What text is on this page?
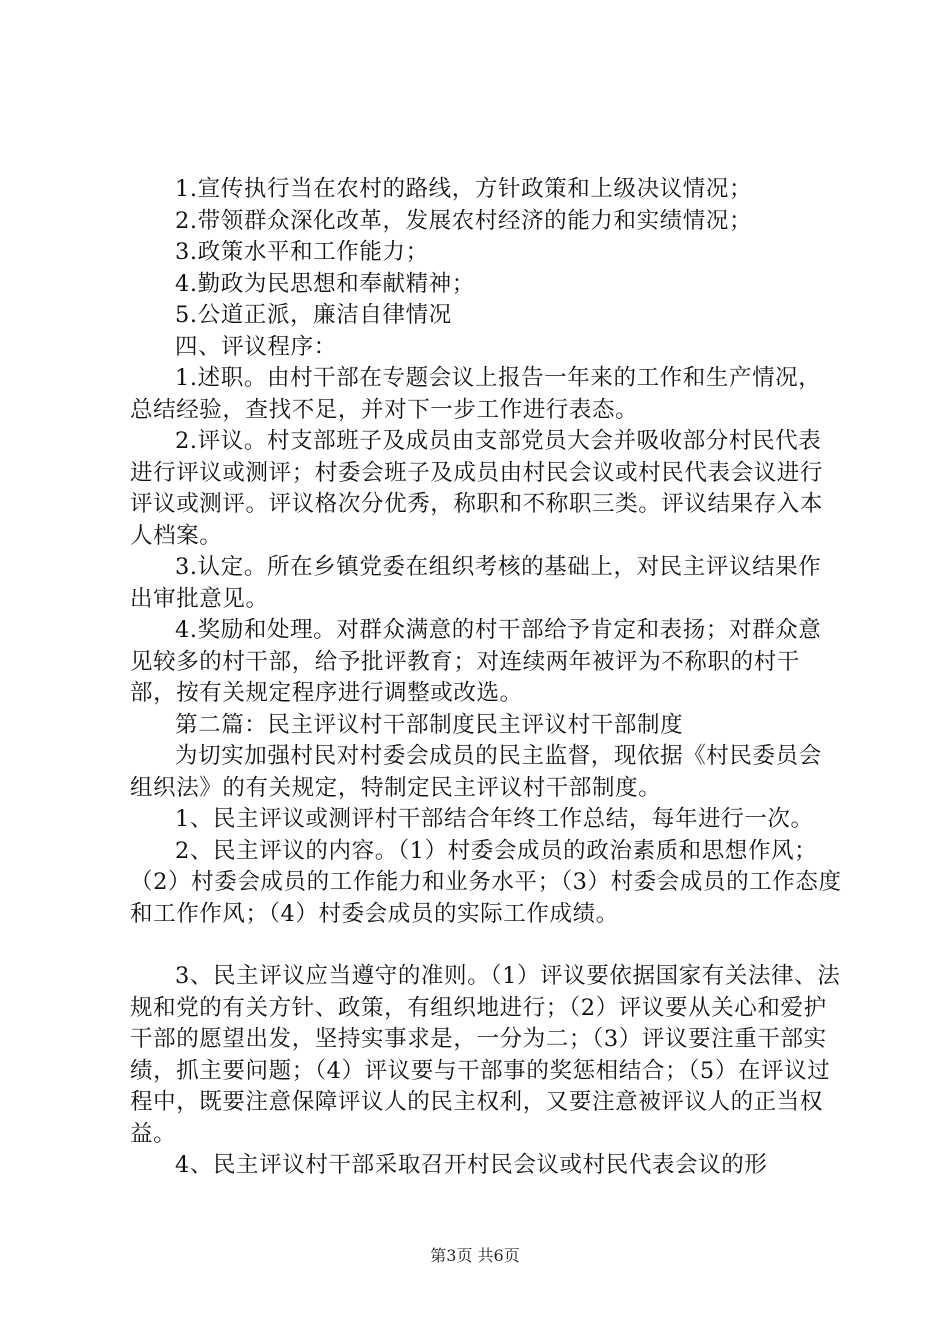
1.宣传执行当在农村的路线，方针政策和上级决议情况；

2.带领群众深化改革，发展农村经济的能力和实绩情况；

3.政策水平和工作能力；

4.勤政为民思想和奉献精神；

5.公道正派，廉洁自律情况

四、评议程序：

1.述职。由村干部在专题会议上报告一年来的工作和生产情况，总结经验，查找不足，并对下一步工作进行表态。

2.评议。村支部班子及成员由支部党员大会并吸收部分村民代表进行评议或测评；村委会班子及成员由村民会议或村民代表会议进行评议或测评。评议格次分优秀，称职和不称职三类。评议结果存入本人档案。

3.认定。所在乡镇党委在组织考核的基础上，对民主评议结果作出审批意见。

4.奖励和处理。对群众满意的村干部给予肯定和表扬；对群众意见较多的村干部，给予批评教育；对连续两年被评为不称职的村干部，按有关规定程序进行调整或改选。

第二篇：民主评议村干部制度民主评议村干部制度

为切实加强村民对村委会成员的民主监督，现依据《村民委员会组织法》的有关规定，特制定民主评议村干部制度。

1、民主评议或测评村干部结合年终工作总结，每年进行一次。

2、民主评议的内容。（1）村委会成员的政治素质和思想作风；（2）村委会成员的工作能力和业务水平；（3）村委会成员的工作态度和工作作风；（4）村委会成员的实际工作成绩。

3、民主评议应当遵守的准则。（1）评议要依据国家有关法律、法规和党的有关方针、政策，有组织地进行；（2）评议要从关心和爱护干部的愿望出发，坚持实事求是，一分为二；（3）评议要注重干部实绩，抓主要问题；（4）评议要与干部事的奖惩相结合；（5）在评议过程中，既要注意保障评议人的民主权利，又要注意被评议人的正当权益。

4、民主评议村干部采取召开村民会议或村民代表会议的形

第3页 共6页
